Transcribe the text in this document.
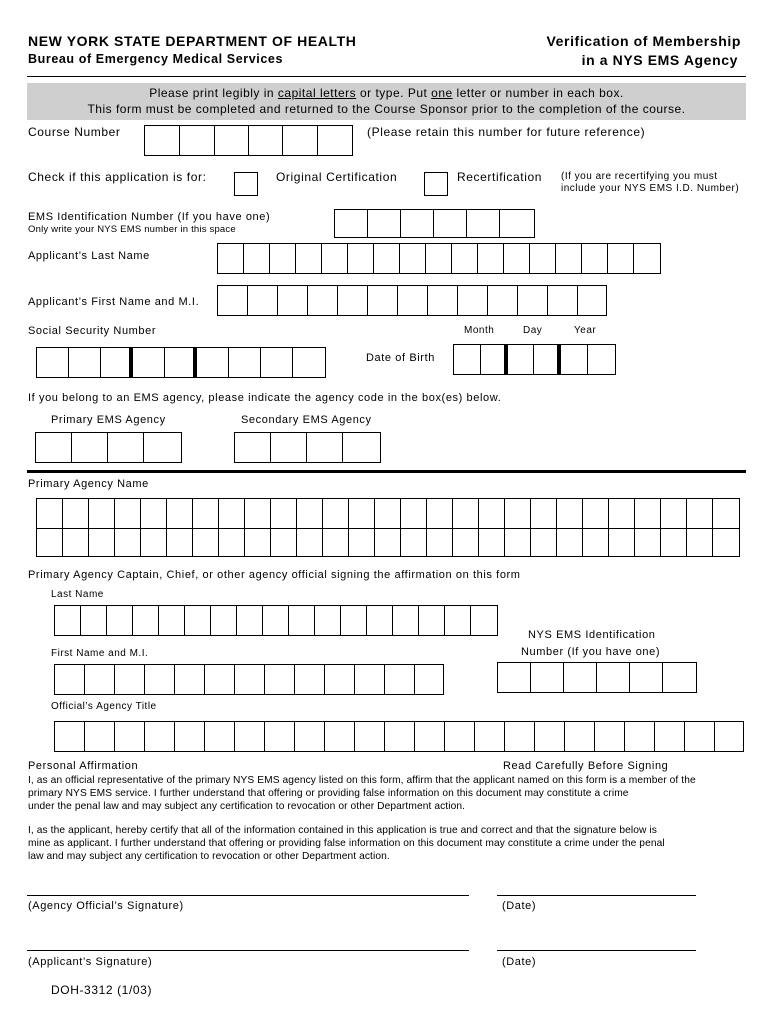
NEW YORK STATE DEPARTMENT OF HEALTH
Bureau of Emergency Medical Services
Verification of Membership
in a NYS EMS Agency
Please print legibly in capital letters or type. Put one letter or number in each box.
This form must be completed and returned to the Course Sponsor prior to the completion of the course.
Course Number	(Please retain this number for future reference)
Check if this application is for:	Original Certification	Recertification (If you are recertifying you must
include your NYS EMS I.D. Number)
EMS Identification Number (If you have one)
Only write your NYS EMS number in this space
Applicant’s Last Name
Applicant’s First Name and M.I.
Social Security Number	Month	Day	Year
Date of Birth
If you belong to an EMS agency, please indicate the agency code in the box(es) below.
Primary EMS Agency	Secondary EMS Agency
Primary Agency Name
Primary Agency Captain, Chief, or other agency official signing the affirmation on this form
Last Name
NYS EMS Identification
Number (If you have one)
First Name and M.I.
Official’s Agency Title
Personal Affirmation	Read Carefully Before Signing
I, as an official representative of the primary NYS EMS agency listed on this form, affirm that the applicant named on this form is a member of the
primary NYS EMS service. I further understand that offering or providing false information on this document may constitute a crime
under the penal law and may subject any certification to revocation or other Department action.
I, as the applicant, hereby certify that all of the information contained in this application is true and correct and that the signature below is
mine as applicant. I further understand that offering or providing false information on this document may constitute a crime under the penal
law and may subject any certification to revocation or other Department action.
(Agency Official’s Signature)	(Date)
(Applicant’s Signature)	(Date)
DOH-3312 (1/03)
